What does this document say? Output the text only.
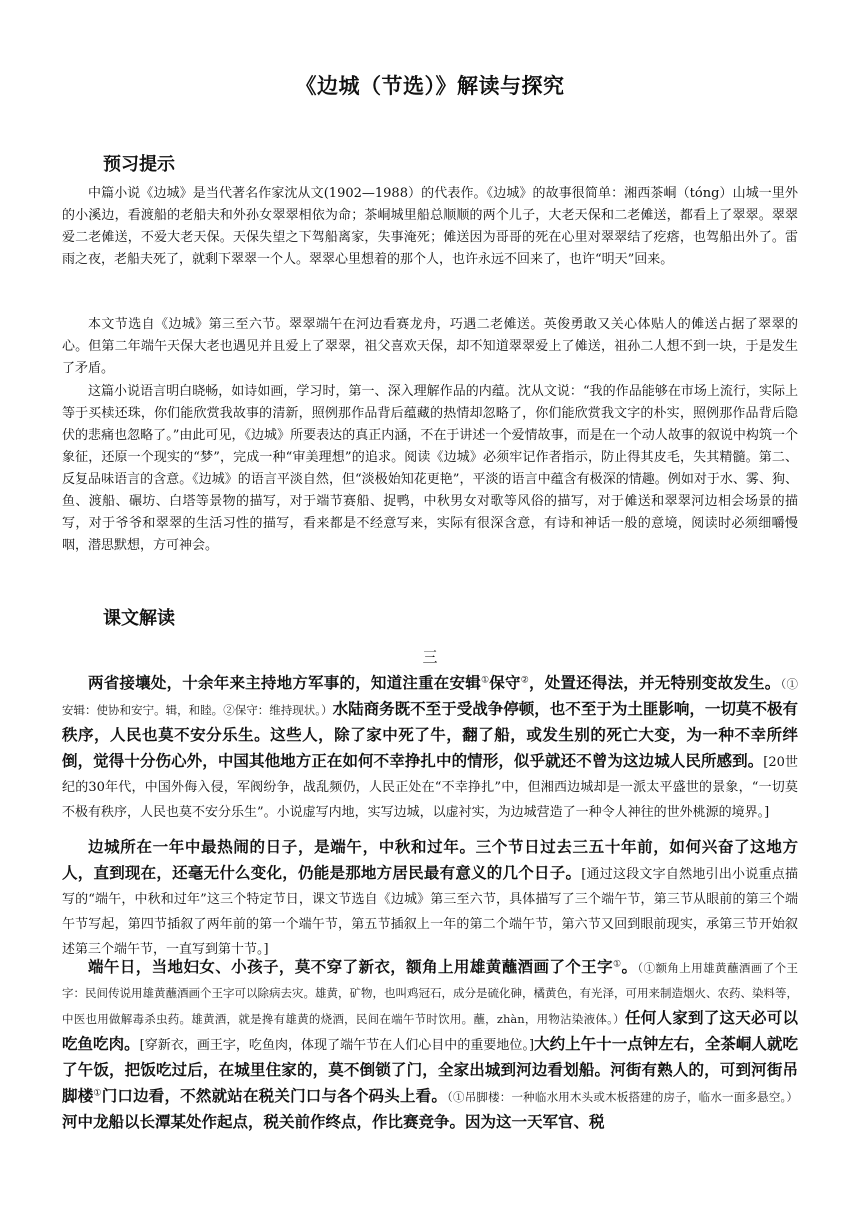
《边城（节选）》解读与探究
预习提示

中篇小说《边城》是当代著名作家沈从文(1902—1988）的代表作。《边城》的故事很简单：湘西茶峒（tóng）山城一里外的小溪边，看渡船的老船夫和外孙女翠翠相依为命；茶峒城里船总顺顺的两个儿子，大老天保和二老傩送，都看上了翠翠。翠翠爱二老傩送，不爱大老天保。天保失望之下驾船离家，失事淹死；傩送因为哥哥的死在心里对翠翠结了疙瘩，也驾船出外了。雷雨之夜，老船夫死了，就剩下翠翠一个人。翠翠心里想着的那个人，也许永远不回来了，也许“明天”回来。

本文节选自《边城》第三至六节。翠翠端午在河边看赛龙舟，巧遇二老傩送。英俊勇敢又关心体贴人的傩送占据了翠翠的心。但第二年端午天保大老也遇见并且爱上了翠翠，祖父喜欢天保，却不知道翠翠爱上了傩送，祖孙二人想不到一块，于是发生了矛盾。

这篇小说语言明白晓畅，如诗如画，学习时，第一、深入理解作品的内蕴。沈从文说：“我的作品能够在市场上流行，实际上等于买椟还珠，你们能欣赏我故事的清新，照例那作品背后蕴藏的热情却忽略了，你们能欣赏我文字的朴实，照例那作品背后隐伏的悲痛也忽略了。”由此可见，《边城》所要表达的真正内涵，不在于讲述一个爱情故事，而是在一个动人故事的叙说中构筑一个象征，还原一个现实的“梦”，完成一种“审美理想”的追求。阅读《边城》必须牢记作者指示，防止得其皮毛，失其精髓。第二、反复品味语言的含意。《边城》的语言平淡自然，但“淡极始知花更艳”，平淡的语言中蕴含有极深的情趣。例如对于水、雾、狗、鱼、渡船、碾坊、白塔等景物的描写，对于端节赛船、捉鸭，中秋男女对歌等风俗的描写，对于傩送和翠翠河边相会场景的描写，对于爷爷和翠翠的生活习性的描写，看来都是不经意写来，实际有很深含意，有诗和神话一般的意境，阅读时必须细嚼慢咽，潜思默想，方可神会。

课文解读
三

两省接壤处，十余年来主持地方军事的，知道注重在安辑①保守②，处置还得法，并无特别变故发生。（①安辑：使协和安宁。辑，和睦。②保守：维持现状。）水陆商务既不至于受战争停顿，也不至于为土匪影响，一切莫不极有秩序，人民也莫不安分乐生。这些人，除了家中死了牛，翻了船，或发生别的死亡大变，为一种不幸所绊倒，觉得十分伤心外，中国其他地方正在如何不幸挣扎中的情形，似乎就还不曾为这边城人民所感到。[20世纪的30年代，中国外侮入侵，军阀纷争，战乱频仍，人民正处在“不幸挣扎”中，但湘西边城却是一派太平盛世的景象，“一切莫不极有秩序，人民也莫不安分乐生”。小说虚写内地，实写边城，以虚衬实，为边城营造了一种令人神往的世外桃源的境界。]

边城所在一年中最热闹的日子，是端午，中秋和过年。三个节日过去三五十年前，如何兴奋了这地方人，直到现在，还毫无什么变化，仍能是那地方居民最有意义的几个日子。[通过这段文字自然地引出小说重点描写的“端午，中秋和过年”这三个特定节日，课文节选自《边城》第三至六节，具体描写了三个端午节，第三节从眼前的第三个端午节写起，第四节插叙了两年前的第一个端午节，第五节插叙上一年的第二个端午节，第六节又回到眼前现实，承第三节开始叙述第三个端午节，一直写到第十节。]

端午日，当地妇女、小孩子，莫不穿了新衣，额角上用雄黄蘸酒画了个王字①。（①额角上用雄黄蘸酒画了个王字：民间传说用雄黄蘸酒画个王字可以除病去灾。雄黄，矿物，也叫鸡冠石，成分是硫化砷，橘黄色，有光泽，可用来制造烟火、农药、染料等，中医也用做解毒杀虫药。雄黄酒，就是搀有雄黄的烧酒，民间在端午节时饮用。蘸，zhàn，用物沾染液体。）任何人家到了这天必可以吃鱼吃肉。[穿新衣，画王字，吃鱼肉，体现了端午节在人们心目中的重要地位。]大约上午十一点钟左右，全茶峒人就吃了午饭，把饭吃过后，在城里住家的，莫不倒锁了门，全家出城到河边看划船。河街有熟人的，可到河街吊脚楼①门口边看，不然就站在税关门口与各个码头上看。（①吊脚楼：一种临水用木头或木板搭建的房子，临水一面多悬空。）河中龙船以长潭某处作起点，税关前作终点，作比赛竞争。因为这一天军官、税
